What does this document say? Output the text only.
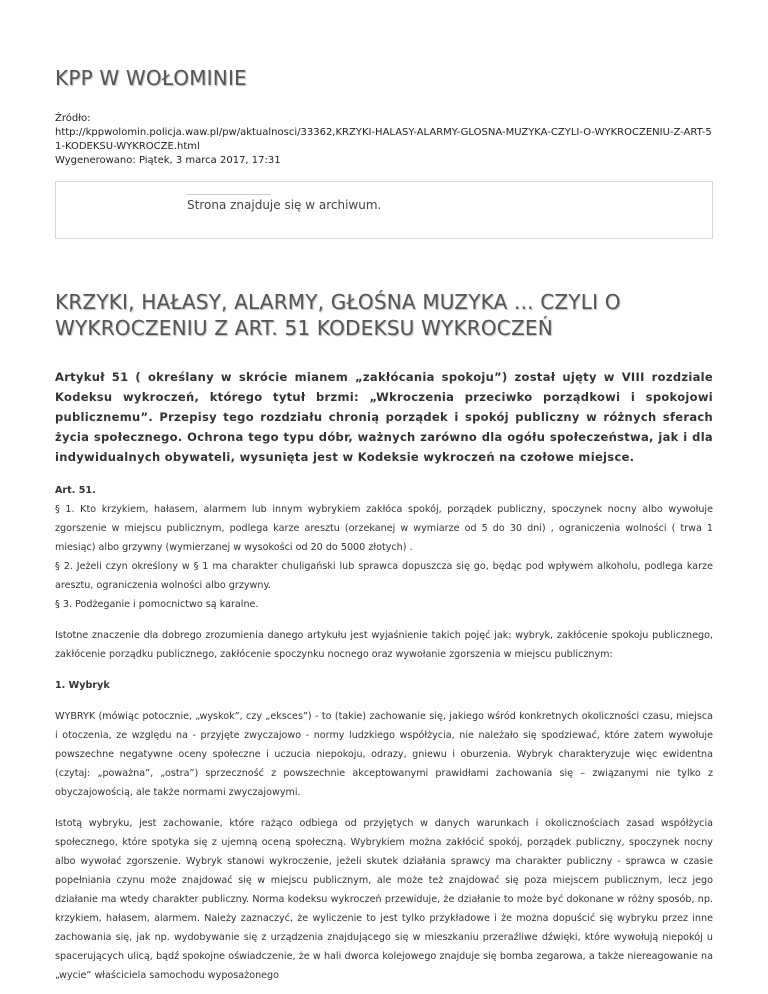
KPP W WOŁOMINIE
Źródło:
http://kppwolomin.policja.waw.pl/pw/aktualnosci/33362,KRZYKI-HALASY-ALARMY-GLOSNA-MUZYKA-CZYLI-O-WYKROCZENIU-Z-ART-51-KODEKSU-WYKROCZE.html
Wygenerowano: Piątek, 3 marca 2017, 17:31
Strona znajduje się w archiwum.
KRZYKI, HAŁASY, ALARMY, GŁOŚNA MUZYKA ... CZYLI O WYKROCZENIU Z ART. 51 KODEKSU WYKROCZEŃ
Artykuł 51 ( określany w skrócie mianem „zakłócania spokoju”) został ujęty w VIII rozdziale Kodeksu wykroczeń, którego tytuł brzmi: „Wkroczenia przeciwko porządkowi i spokojowi publicznemu”. Przepisy tego rozdziału chronią porządek i spokój publiczny w różnych sferach życia społecznego. Ochrona tego typu dóbr, ważnych zarówno dla ogółu społeczeństwa, jak i dla indywidualnych obywateli, wysunięta jest w Kodeksie wykroczeń na czołowe miejsce.
Art. 51.
§ 1. Kto krzykiem, hałasem, alarmem lub innym wybrykiem zakłóca spokój, porządek publiczny, spoczynek nocny albo wywołuje zgorszenie w miejscu publicznym, podlega karze aresztu (orzekanej w wymiarze od 5 do 30 dni) , ograniczenia wolności ( trwa 1 miesiąc) albo grzywny (wymierzanej w wysokości od 20 do 5000 złotych) .
§ 2. Jeżeli czyn określony w § 1 ma charakter chuligański lub sprawca dopuszcza się go, będąc pod wpływem alkoholu, podlega karze aresztu, ograniczenia wolności albo grzywny.
§ 3. Podżeganie i pomocnictwo są karalne.
Istotne znaczenie dla dobrego zrozumienia danego artykułu jest wyjaśnienie takich pojęć jak: wybryk, zakłócenie spokoju publicznego, zakłócenie porządku publicznego, zakłócenie spoczynku nocnego oraz wywołanie zgorszenia w miejscu publicznym:
1. Wybryk
WYBRYK (mówiąc potocznie, „wyskok”, czy „eksces”) - to (takie) zachowanie się, jakiego wśród konkretnych okoliczności czasu, miejsca i otoczenia, ze względu na - przyjęte zwyczajowo - normy ludzkiego współżycia, nie należało się spodziewać, które zatem wywołuje powszechne negatywne oceny społeczne i uczucia niepokoju, odrazy, gniewu i oburzenia. Wybryk charakteryzuje więc ewidentna (czytaj: „poważna”, „ostra”) sprzeczność z powszechnie akceptowanymi prawidłami zachowania się – związanymi nie tylko z obyczajowością, ale także normami zwyczajowymi.
Istotą wybryku, jest zachowanie, które rażąco odbiega od przyjętych w danych warunkach i okolicznościach zasad współżycia społecznego, które spotyka się z ujemną oceną społeczną. Wybrykiem można zakłócić spokój, porządek publiczny, spoczynek nocny albo wywołać zgorszenie. Wybryk stanowi wykroczenie, jeżeli skutek działania sprawcy ma charakter publiczny - sprawca w czasie popełniania czynu może znajdować się w miejscu publicznym, ale może też znajdować się poza miejscem publicznym, lecz jego działanie ma wtedy charakter publiczny. Norma kodeksu wykroczeń przewiduje, że działanie to może być dokonane w różny sposób, np. krzykiem, hałasem, alarmem. Należy zaznaczyć, że wyliczenie to jest tylko przykładowe i że można dopuścić się wybryku przez inne zachowania się, jak np. wydobywanie się z urządzenia znajdującego się w mieszkaniu przeraźliwe dźwięki, które wywołują niepokój u spacerujących ulicą, bądź spokojne oświadczenie, że w hali dworca kolejowego znajduje się bomba zegarowa, a także niereagowanie na „wycie” właściciela samochodu wyposażonego
